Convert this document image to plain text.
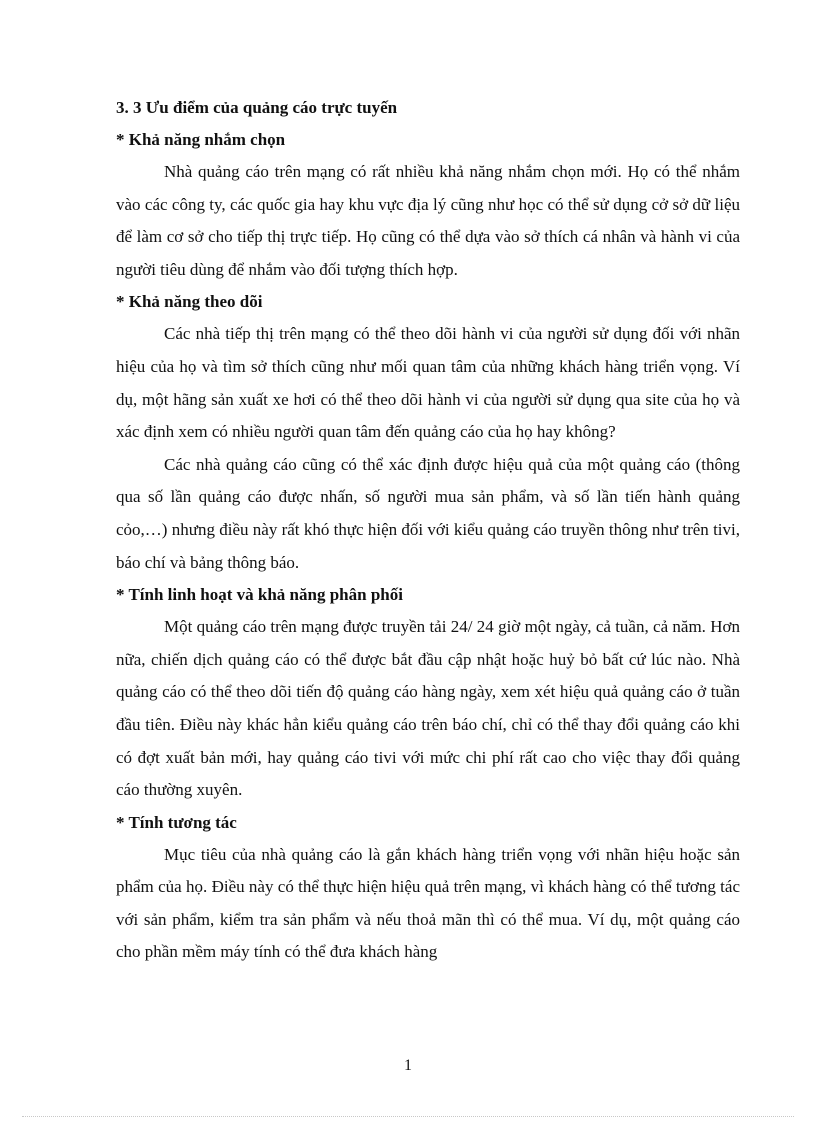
3. 3 Ưu điểm của quảng cáo trực tuyến

* Khả năng nhắm chọn

Nhà quảng cáo trên mạng có rất nhiều khả năng nhắm chọn mới. Họ có thể nhắm vào các công ty, các quốc gia hay khu vực địa lý cũng như học có thể sử dụng cở sở dữ liệu để làm cơ sở cho tiếp thị trực tiếp. Họ cũng có thể dựa vào sở thích cá nhân và hành vi của người tiêu dùng để nhắm vào đối tượng thích hợp.

* Khả năng theo dõi

Các nhà tiếp thị trên mạng có thể theo dõi hành vi của người sử dụng đối với nhãn hiệu của họ và tìm sở thích cũng như mối quan tâm của những khách hàng triển vọng. Ví dụ, một hãng sản xuất xe hơi có thể theo dõi hành vi của người sử dụng qua site của họ và xác định xem có nhiều người quan tâm đến quảng cáo của họ hay không?

Các nhà quảng cáo cũng có thể xác định được hiệu quả của một quảng cáo (thông qua số lần quảng cáo được nhấn, số người mua sản phẩm, và số lần tiến hành quảng cỏo,…) nhưng điều này rất khó thực hiện đối với kiểu quảng cáo truyền thông như trên tivi, báo chí và bảng thông báo.

* Tính linh hoạt và khả năng phân phối

Một quảng cáo trên mạng được truyền tải 24/ 24 giờ một ngày, cả tuần, cả năm. Hơn nữa, chiến dịch quảng cáo có thể được bắt đầu cập nhật hoặc huỷ bỏ bất cứ lúc nào. Nhà quảng cáo có thể theo dõi tiến độ quảng cáo hàng ngày, xem xét hiệu quả quảng cáo ở tuần đầu tiên. Điều này khác hẳn kiểu quảng cáo trên báo chí, chỉ có thể thay đổi quảng cáo khi có đợt xuất bản mới, hay quảng cáo tivi với mức chi phí rất cao cho việc thay đổi quảng cáo thường xuyên.

* Tính tương tác

Mục tiêu của nhà quảng cáo là gắn khách hàng triển vọng với nhãn hiệu hoặc sản phẩm của họ. Điều này có thể thực hiện hiệu quả trên mạng, vì khách hàng có thể tương tác với sản phẩm, kiểm tra sản phẩm và nếu thoả mãn thì có thể mua. Ví dụ, một quảng cáo cho phần mềm máy tính có thể đưa khách hàng

1
